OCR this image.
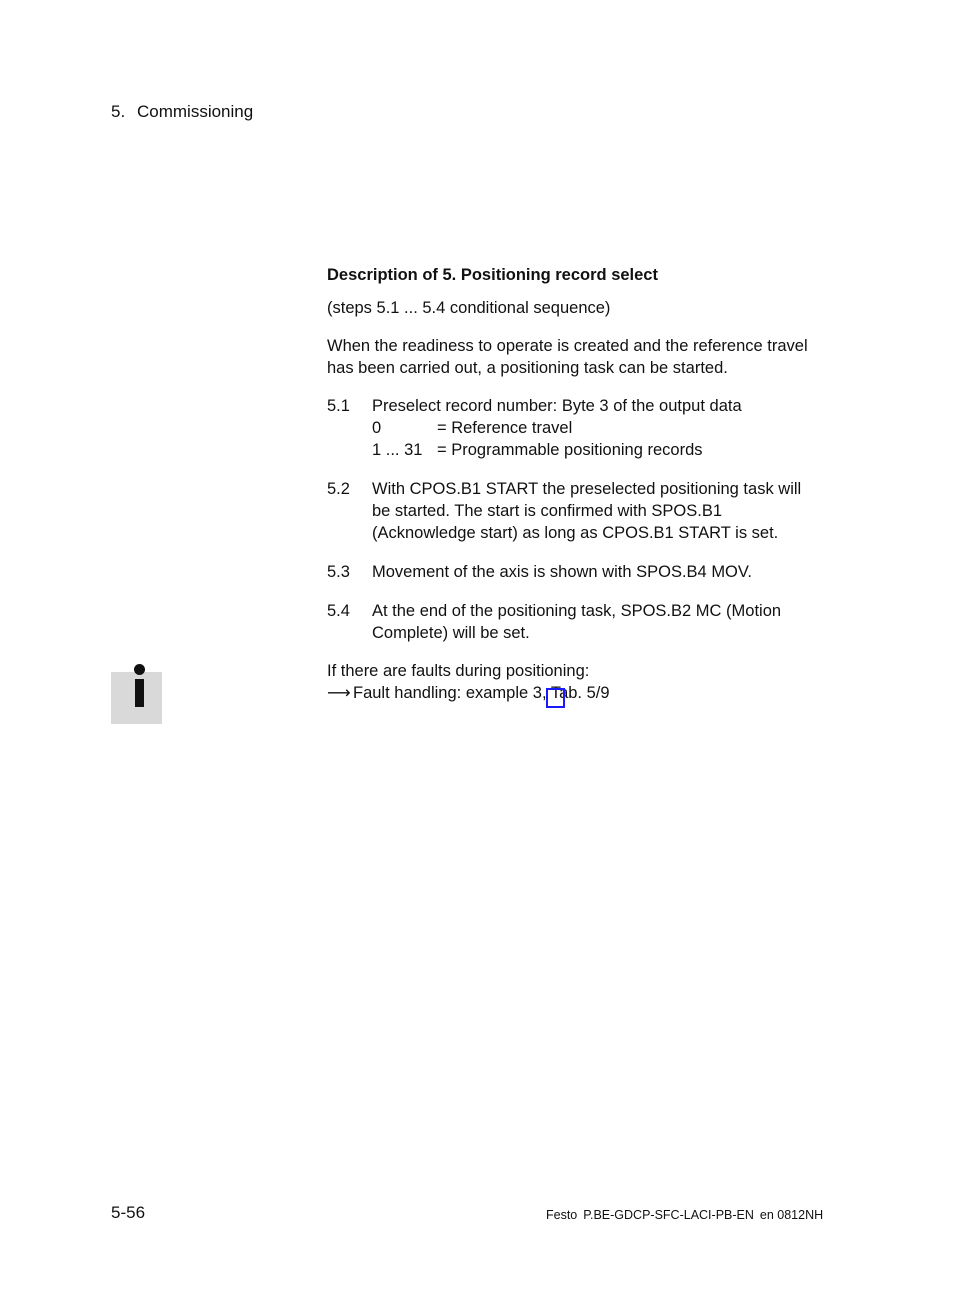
5. Commissioning
Description of 5. Positioning record select
(steps 5.1 ... 5.4 conditional sequence)
When the readiness to operate is created and the reference travel has been carried out, a positioning task can be started.
5.1	Preselect record number: Byte 3 of the output data
0	= Reference travel
1 ... 31 = Programmable positioning records
5.2	With CPOS.B1 START the preselected positioning task will be started. The start is confirmed with SPOS.B1 (Acknowledge start) as long as CPOS.B1 START is set.
5.3	Movement of the axis is shown with SPOS.B4 MOV.
5.4	At the end of the positioning task, SPOS.B2 MC (Motion Complete) will be set.
If there are faults during positioning:
⟶ Fault handling: example 3, Tab. 5/9
5-56	Festo P.BE-GDCP-SFC-LACI-PB-EN en 0812NH
